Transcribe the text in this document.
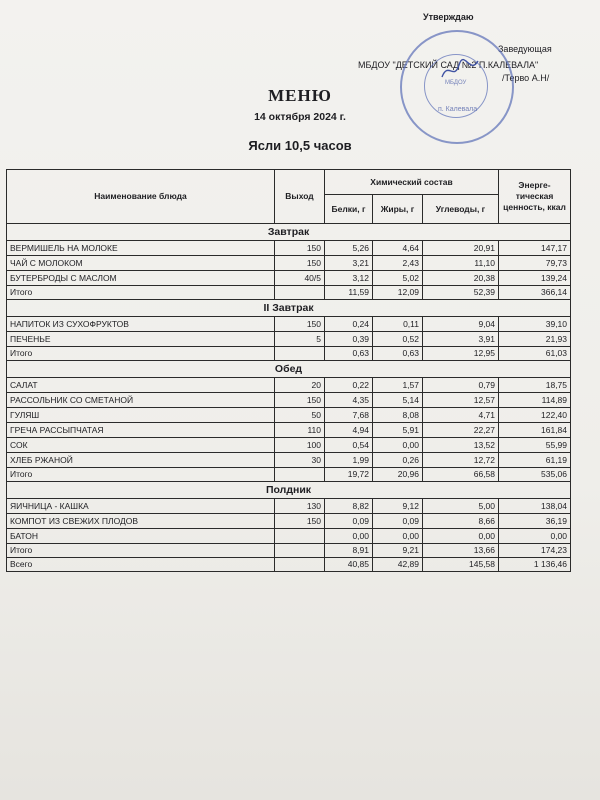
Утверждаю
Заведующая
МБДОУ "ДЕТСКИЙ САД №2 П.КАЛЕВАЛА"
/Терво А.Н/
МБДОУ
п. Калевала
МЕНЮ
14 октября 2024 г.
Ясли 10,5 часов
Наименование блюда	Выход	Химический состав			Энерге-тическая ценность, ккал
		Белки, г	Жиры, г	Углеводы, г	
Завтрак					
ВЕРМИШЕЛЬ НА МОЛОКЕ	150	5,26	4,64	20,91	147,17
ЧАЙ С МОЛОКОМ	150	3,21	2,43	11,10	79,73
БУТЕРБРОДЫ С МАСЛОМ	40/5	3,12	5,02	20,38	139,24
Итого		11,59	12,09	52,39	366,14
II Завтрак					
НАПИТОК ИЗ СУХОФРУКТОВ	150	0,24	0,11	9,04	39,10
ПЕЧЕНЬЕ	5	0,39	0,52	3,91	21,93
Итого		0,63	0,63	12,95	61,03
Обед					
САЛАТ	20	0,22	1,57	0,79	18,75
РАССОЛЬНИК СО СМЕТАНОЙ	150	4,35	5,14	12,57	114,89
ГУЛЯШ	50	7,68	8,08	4,71	122,40
ГРЕЧА РАССЫПЧАТАЯ	110	4,94	5,91	22,27	161,84
СОК	100	0,54	0,00	13,52	55,99
ХЛЕБ РЖАНОЙ	30	1,99	0,26	12,72	61,19
Итого		19,72	20,96	66,58	535,06
Полдник					
ЯИЧНИЦА - КАШКА	130	8,82	9,12	5,00	138,04
КОМПОТ ИЗ СВЕЖИХ ПЛОДОВ	150	0,09	0,09	8,66	36,19
БАТОН		0,00	0,00	0,00	0,00
Итого		8,91	9,21	13,66	174,23
Всего		40,85	42,89	145,58	1 136,46
